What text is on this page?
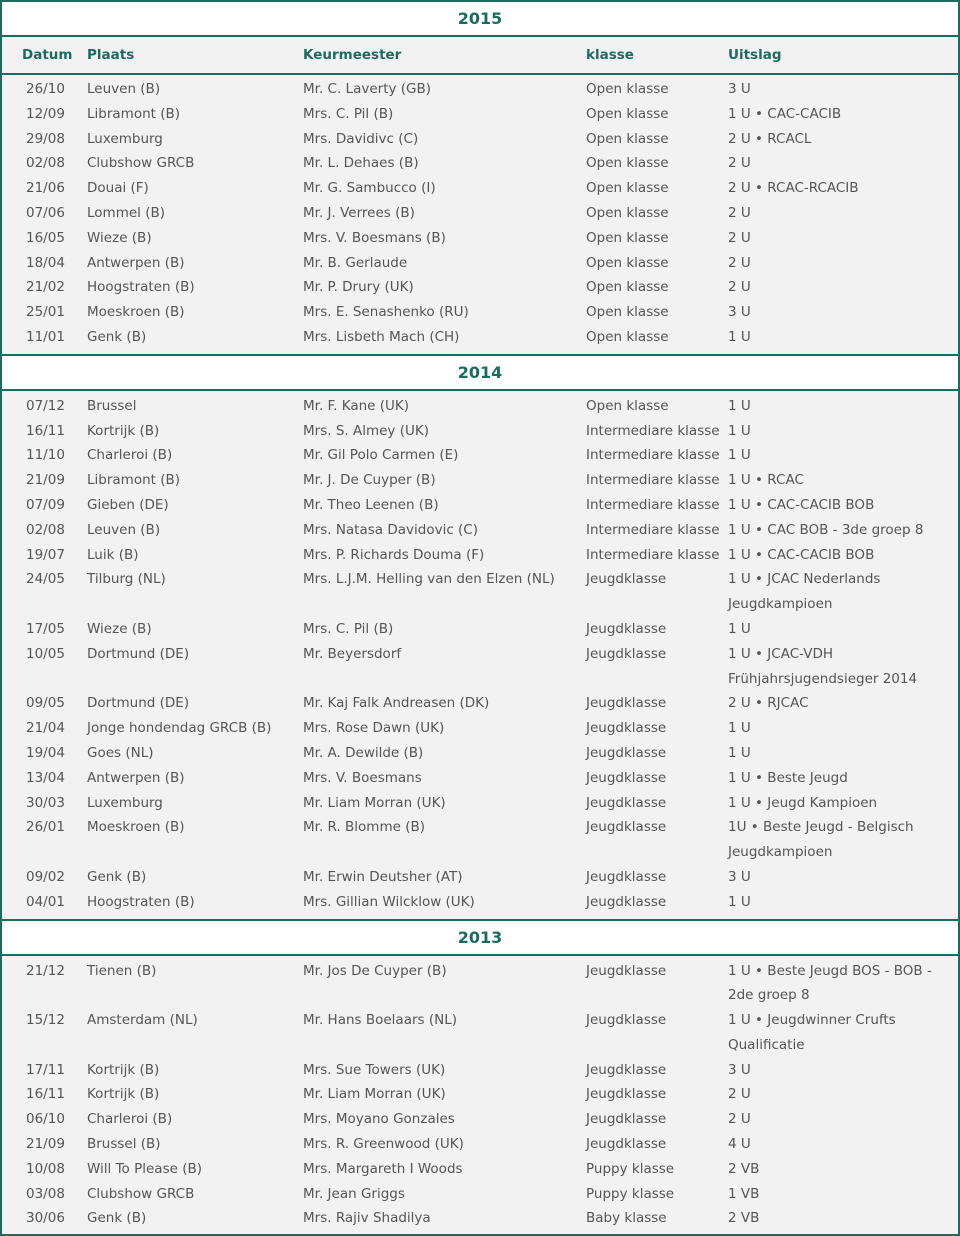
2015
Datum	Plaats	Keurmeester	klasse	Uitslag
26/10	Leuven (B)	Mr. C. Laverty (GB)	Open klasse	3 U
12/09	Libramont (B)	Mrs. C. Pil (B)	Open klasse	1 U • CAC-CACIB
29/08	Luxemburg	Mrs. Davidivc (C)	Open klasse	2 U • RCACL
02/08	Clubshow GRCB	Mr. L. Dehaes (B)	Open klasse	2 U
21/06	Douai (F)	Mr. G. Sambucco (I)	Open klasse	2 U • RCAC-RCACIB
07/06	Lommel (B)	Mr. J. Verrees (B)	Open klasse	2 U
16/05	Wieze (B)	Mrs. V. Boesmans (B)	Open klasse	2 U
18/04	Antwerpen (B)	Mr. B. Gerlaude	Open klasse	2 U
21/02	Hoogstraten (B)	Mr. P. Drury (UK)	Open klasse	2 U
25/01	Moeskroen (B)	Mrs. E. Senashenko (RU)	Open klasse	3 U
11/01	Genk (B)	Mrs. Lisbeth Mach (CH)	Open klasse	1 U
2014
07/12	Brussel	Mr. F. Kane (UK)	Open klasse	1 U
16/11	Kortrijk (B)	Mrs. S. Almey (UK)	Intermediare klasse 1 U
11/10	Charleroi (B)	Mr. Gil Polo Carmen (E)	Intermediare klasse 1 U
21/09	Libramont (B)	Mr. J. De Cuyper (B)	Intermediare klasse 1 U • RCAC
07/09	Gieben (DE)	Mr. Theo Leenen (B)	Intermediare klasse 1 U • CAC-CACIB BOB
02/08	Leuven (B)	Mrs. Natasa Davidovic (C)	Intermediare klasse 1 U • CAC BOB - 3de groep 8
19/07	Luik (B)	Mrs. P. Richards Douma (F)	Intermediare klasse 1 U • CAC-CACIB BOB
24/05	Tilburg (NL)	Mrs. L.J.M. Helling van den Elzen (NL)	Jeugdklasse	1 U • JCAC Nederlands Jeugdkampioen
17/05	Wieze (B)	Mrs. C. Pil (B)	Jeugdklasse	1 U
10/05	Dortmund (DE)	Mr. Beyersdorf	Jeugdklasse	1 U • JCAC-VDH Frühjahrsjugendsieger 2014
09/05	Dortmund (DE)	Mr. Kaj Falk Andreasen (DK)	Jeugdklasse	2 U • RJCAC
21/04	Jonge hondendag GRCB (B)	Mrs. Rose Dawn (UK)	Jeugdklasse	1 U
19/04	Goes (NL)	Mr. A. Dewilde (B)	Jeugdklasse	1 U
13/04	Antwerpen (B)	Mrs. V. Boesmans	Jeugdklasse	1 U • Beste Jeugd
30/03	Luxemburg	Mr. Liam Morran (UK)	Jeugdklasse	1 U • Jeugd Kampioen
26/01	Moeskroen (B)	Mr. R. Blomme (B)	Jeugdklasse	1U • Beste Jeugd - Belgisch Jeugdkampioen
09/02	Genk (B)	Mr. Erwin Deutsher (AT)	Jeugdklasse	3 U
04/01	Hoogstraten (B)	Mrs. Gillian Wilcklow (UK)	Jeugdklasse	1 U
2013
21/12	Tienen (B)	Mr. Jos De Cuyper (B)	Jeugdklasse	1 U • Beste Jeugd BOS - BOB - 2de groep 8
15/12	Amsterdam (NL)	Mr. Hans Boelaars (NL)	Jeugdklasse	1 U • Jeugdwinner Crufts Qualificatie
17/11	Kortrijk (B)	Mrs. Sue Towers (UK)	Jeugdklasse	3 U
16/11	Kortrijk (B)	Mr. Liam Morran (UK)	Jeugdklasse	2 U
06/10	Charleroi (B)	Mrs. Moyano Gonzales	Jeugdklasse	2 U
21/09	Brussel (B)	Mrs. R. Greenwood (UK)	Jeugdklasse	4 U
10/08	Will To Please (B)	Mrs. Margareth I Woods	Puppy klasse	2 VB
03/08	Clubshow GRCB	Mr. Jean Griggs	Puppy klasse	1 VB
30/06	Genk (B)	Mrs. Rajiv Shadilya	Baby klasse	2 VB
